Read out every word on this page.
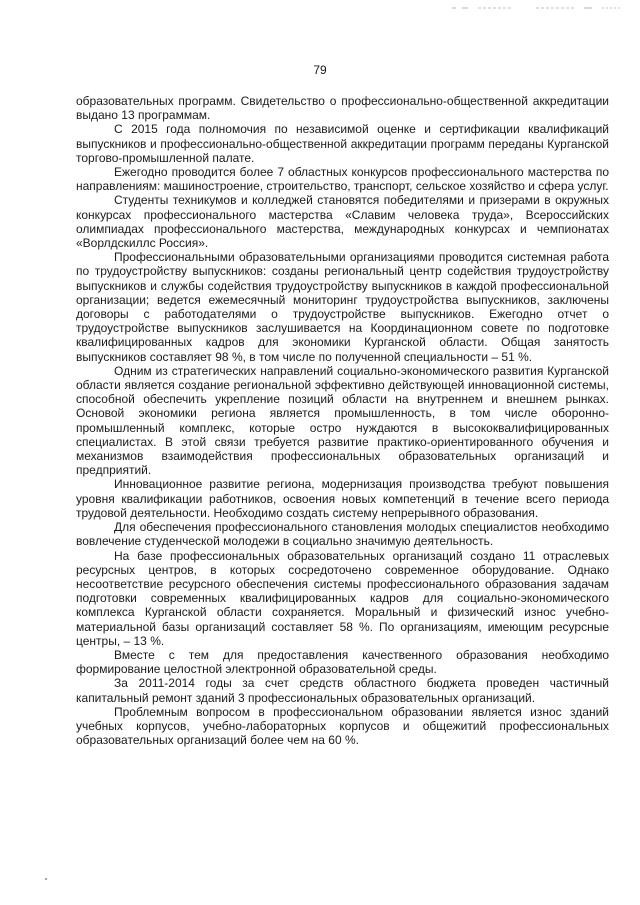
79

образовательных программ. Свидетельство о профессионально-общественной аккредитации выдано 13 программам.

С 2015 года полномочия по независимой оценке и сертификации квалификаций выпускников и профессионально-общественной аккредитации программ переданы Курганской торгово-промышленной палате.

Ежегодно проводится более 7 областных конкурсов профессионального мастерства по направлениям: машиностроение, строительство, транспорт, сельское хозяйство и сфера услуг.

Студенты техникумов и колледжей становятся победителями и призерами в окружных конкурсах профессионального мастерства «Славим человека труда», Всероссийских олимпиадах профессионального мастерства, международных конкурсах и чемпионатах «Ворлдскиллс Россия».

Профессиональными образовательными организациями проводится системная работа по трудоустройству выпускников: созданы региональный центр содействия трудоустройству выпускников и службы содействия трудоустройству выпускников в каждой профессиональной организации; ведется ежемесячный мониторинг трудоустройства выпускников, заключены договоры с работодателями о трудоустройстве выпускников. Ежегодно отчет о трудоустройстве выпускников заслушивается на Координационном совете по подготовке квалифицированных кадров для экономики Курганской области. Общая занятость выпускников составляет 98 %, в том числе по полученной специальности – 51 %.

Одним из стратегических направлений социально-экономического развития Курганской области является создание региональной эффективно действующей инновационной системы, способной обеспечить укрепление позиций области на внутреннем и внешнем рынках. Основой экономики региона является промышленность, в том числе оборонно-промышленный комплекс, которые остро нуждаются в высококвалифицированных специалистах. В этой связи требуется развитие практико-ориентированного обучения и механизмов взаимодействия профессиональных образовательных организаций и предприятий.

Инновационное развитие региона, модернизация производства требуют повышения уровня квалификации работников, освоения новых компетенций в течение всего периода трудовой деятельности. Необходимо создать систему непрерывного образования.

Для обеспечения профессионального становления молодых специалистов необходимо вовлечение студенческой молодежи в социально значимую деятельность.

На базе профессиональных образовательных организаций создано 11 отраслевых ресурсных центров, в которых сосредоточено современное оборудование. Однако несоответствие ресурсного обеспечения системы профессионального образования задачам подготовки современных квалифицированных кадров для социально-экономического комплекса Курганской области сохраняется. Моральный и физический износ учебно-материальной базы организаций составляет 58 %. По организациям, имеющим ресурсные центры, – 13 %.

Вместе с тем для предоставления качественного образования необходимо формирование целостной электронной образовательной среды.

За 2011-2014 годы за счет средств областного бюджета проведен частичный капитальный ремонт зданий 3 профессиональных образовательных организаций.

Проблемным вопросом в профессиональном образовании является износ зданий учебных корпусов, учебно-лабораторных корпусов и общежитий профессиональных образовательных организаций более чем на 60 %.
